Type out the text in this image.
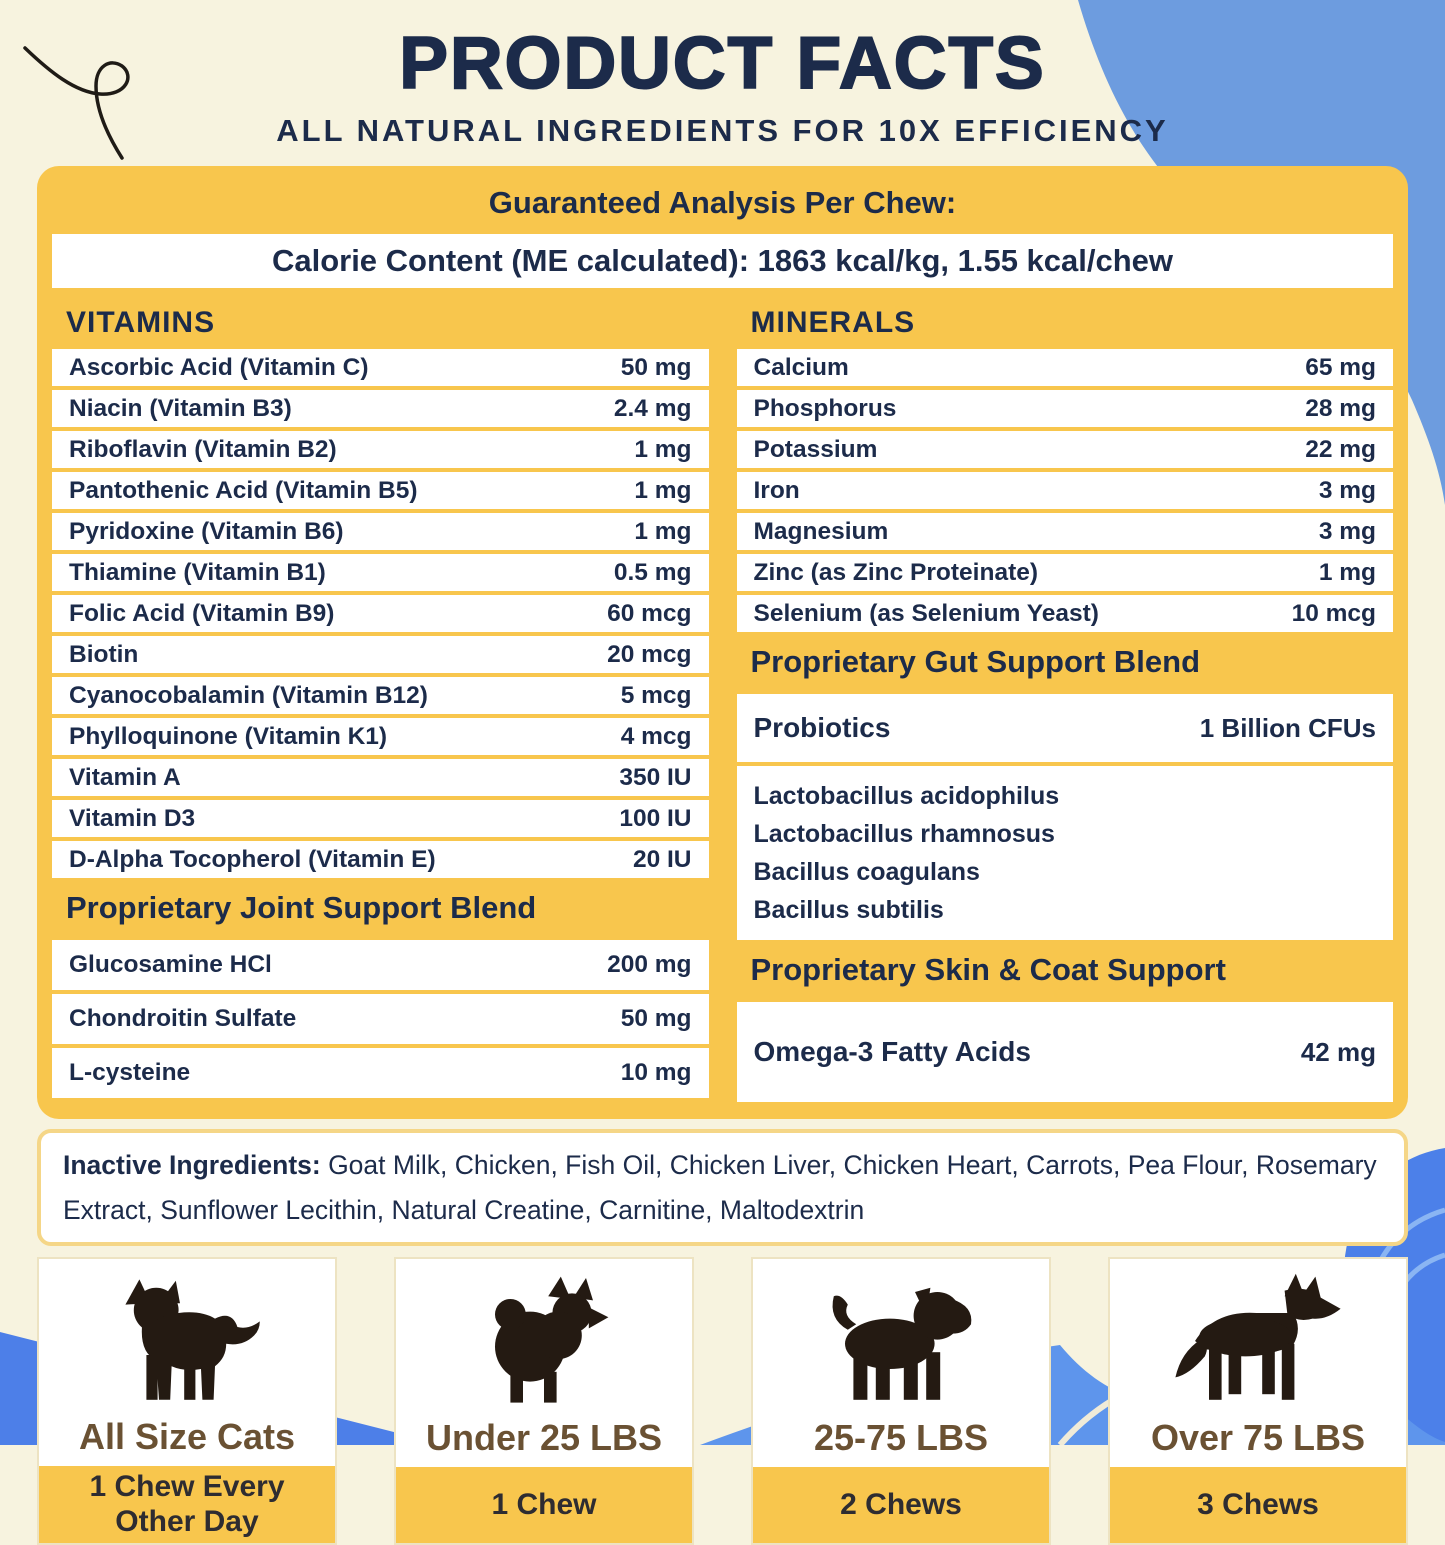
PRODUCT FACTS
ALL NATURAL INGREDIENTS FOR 10X EFFICIENCY
Guaranteed Analysis Per Chew:
Calorie Content (ME calculated): 1863 kcal/kg, 1.55 kcal/chew
VITAMINS
Ascorbic Acid (Vitamin C)	50 mg
Niacin (Vitamin B3)	2.4 mg
Riboflavin (Vitamin B2)	1 mg
Pantothenic Acid (Vitamin B5)	1 mg
Pyridoxine (Vitamin B6)	1 mg
Thiamine (Vitamin B1)	0.5 mg
Folic Acid (Vitamin B9)	60 mcg
Biotin	20 mcg
Cyanocobalamin (Vitamin B12)	5 mcg
Phylloquinone (Vitamin K1)	4 mcg
Vitamin A	350 IU
Vitamin D3	100 IU
D-Alpha Tocopherol (Vitamin E)	20 IU
Proprietary Joint Support Blend
Glucosamine HCl	200 mg
Chondroitin Sulfate	50 mg
L-cysteine	10 mg
MINERALS
Calcium	65 mg
Phosphorus	28 mg
Potassium	22 mg
Iron	3 mg
Magnesium	3 mg
Zinc (as Zinc Proteinate)	1 mg
Selenium (as Selenium Yeast)	10 mcg
Proprietary Gut Support Blend
Probiotics	1 Billion CFUs
Lactobacillus acidophilus
Lactobacillus rhamnosus
Bacillus coagulans
Bacillus subtilis
Proprietary Skin & Coat Support
Omega-3 Fatty Acids	42 mg
Inactive Ingredients: Goat Milk, Chicken, Fish Oil, Chicken Liver, Chicken Heart, Carrots, Pea Flour, Rosemary Extract, Sunflower Lecithin, Natural Creatine, Carnitine, Maltodextrin
All Size Cats
1 Chew Every Other Day
Under 25 LBS
1 Chew
25-75 LBS
2 Chews
Over 75 LBS
3 Chews
